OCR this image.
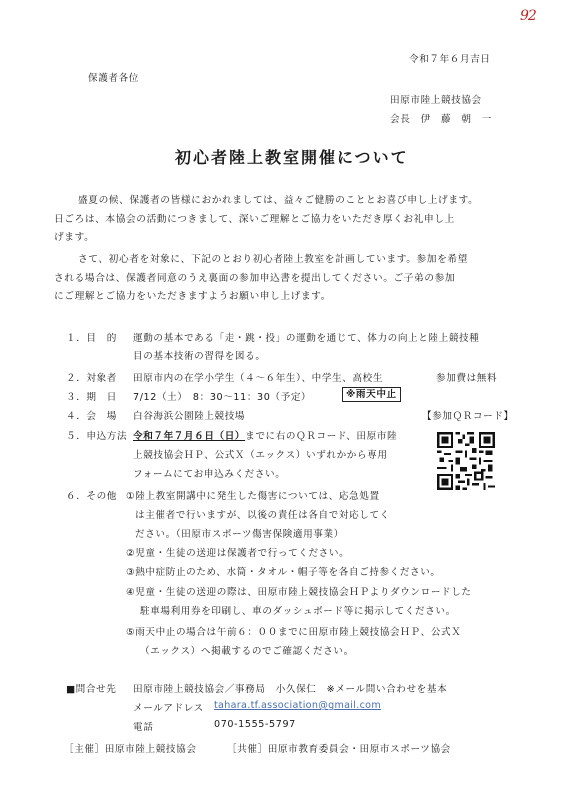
92
令和７年６月吉日
保護者各位
田原市陸上競技協会
会長　伊　藤　朝　一
初心者陸上教室開催について
盛夏の候、保護者の皆様におかれましては、益々ご健勝のこととお喜び申し上げます。
日ごろは、本協会の活動につきまして、深いご理解とご協力をいただき厚くお礼申し上
げます。
さて、初心者を対象に、下記のとおり初心者陸上教室を計画しています。参加を希望
される場合は、保護者同意のうえ裏面の参加申込書を提出してください。ご子弟の参加
にご理解とご協力をいただきますようお願い申し上げます。
１．目　的 運動の基本である「走・跳・投」の運動を通じて、体力の向上と陸上競技種
目の基本技術の習得を図る。
２．対象者 田原市内の在学小学生（４～６年生）、中学生、高校生	参加費は無料
３．期　日 7/12（土）　8：30～11：30（予定）	※雨天中止
４．会　場 白谷海浜公園陸上競技場	【参加ＱＲコード】
５．申込方法 令和７年７月６日（日）までに右のＱＲコード、田原市陸
上競技協会ＨＰ、公式Ｘ（エックス）いずれかから専用
フォームにてお申込みください。
６．その他 ①陸上教室開講中に発生した傷害については、応急処置
は主催者で行いますが、以後の責任は各自で対応してく
ださい。（田原市スポーツ傷害保険適用事業）
②児童・生徒の送迎は保護者で行ってください。
③熱中症防止のため、水筒・タオル・帽子等を各自ご持参ください。
④児童・生徒の送迎の際は、田原市陸上競技協会ＨＰよりダウンロードした
駐車場利用券を印刷し、車のダッシュボード等に掲示してください。
⑤雨天中止の場合は午前６：００までに田原市陸上競技協会ＨＰ、公式Ｘ
（エックス）へ掲載するのでご確認ください。
■問合せ先 田原市陸上競技協会／事務局　小久保仁　※メール問い合わせを基本
メールアドレス tahara.tf.association@gmail.com
電話	070-1555-5797
［主催］田原市陸上競技協会	［共催］田原市教育委員会・田原市スポーツ協会
